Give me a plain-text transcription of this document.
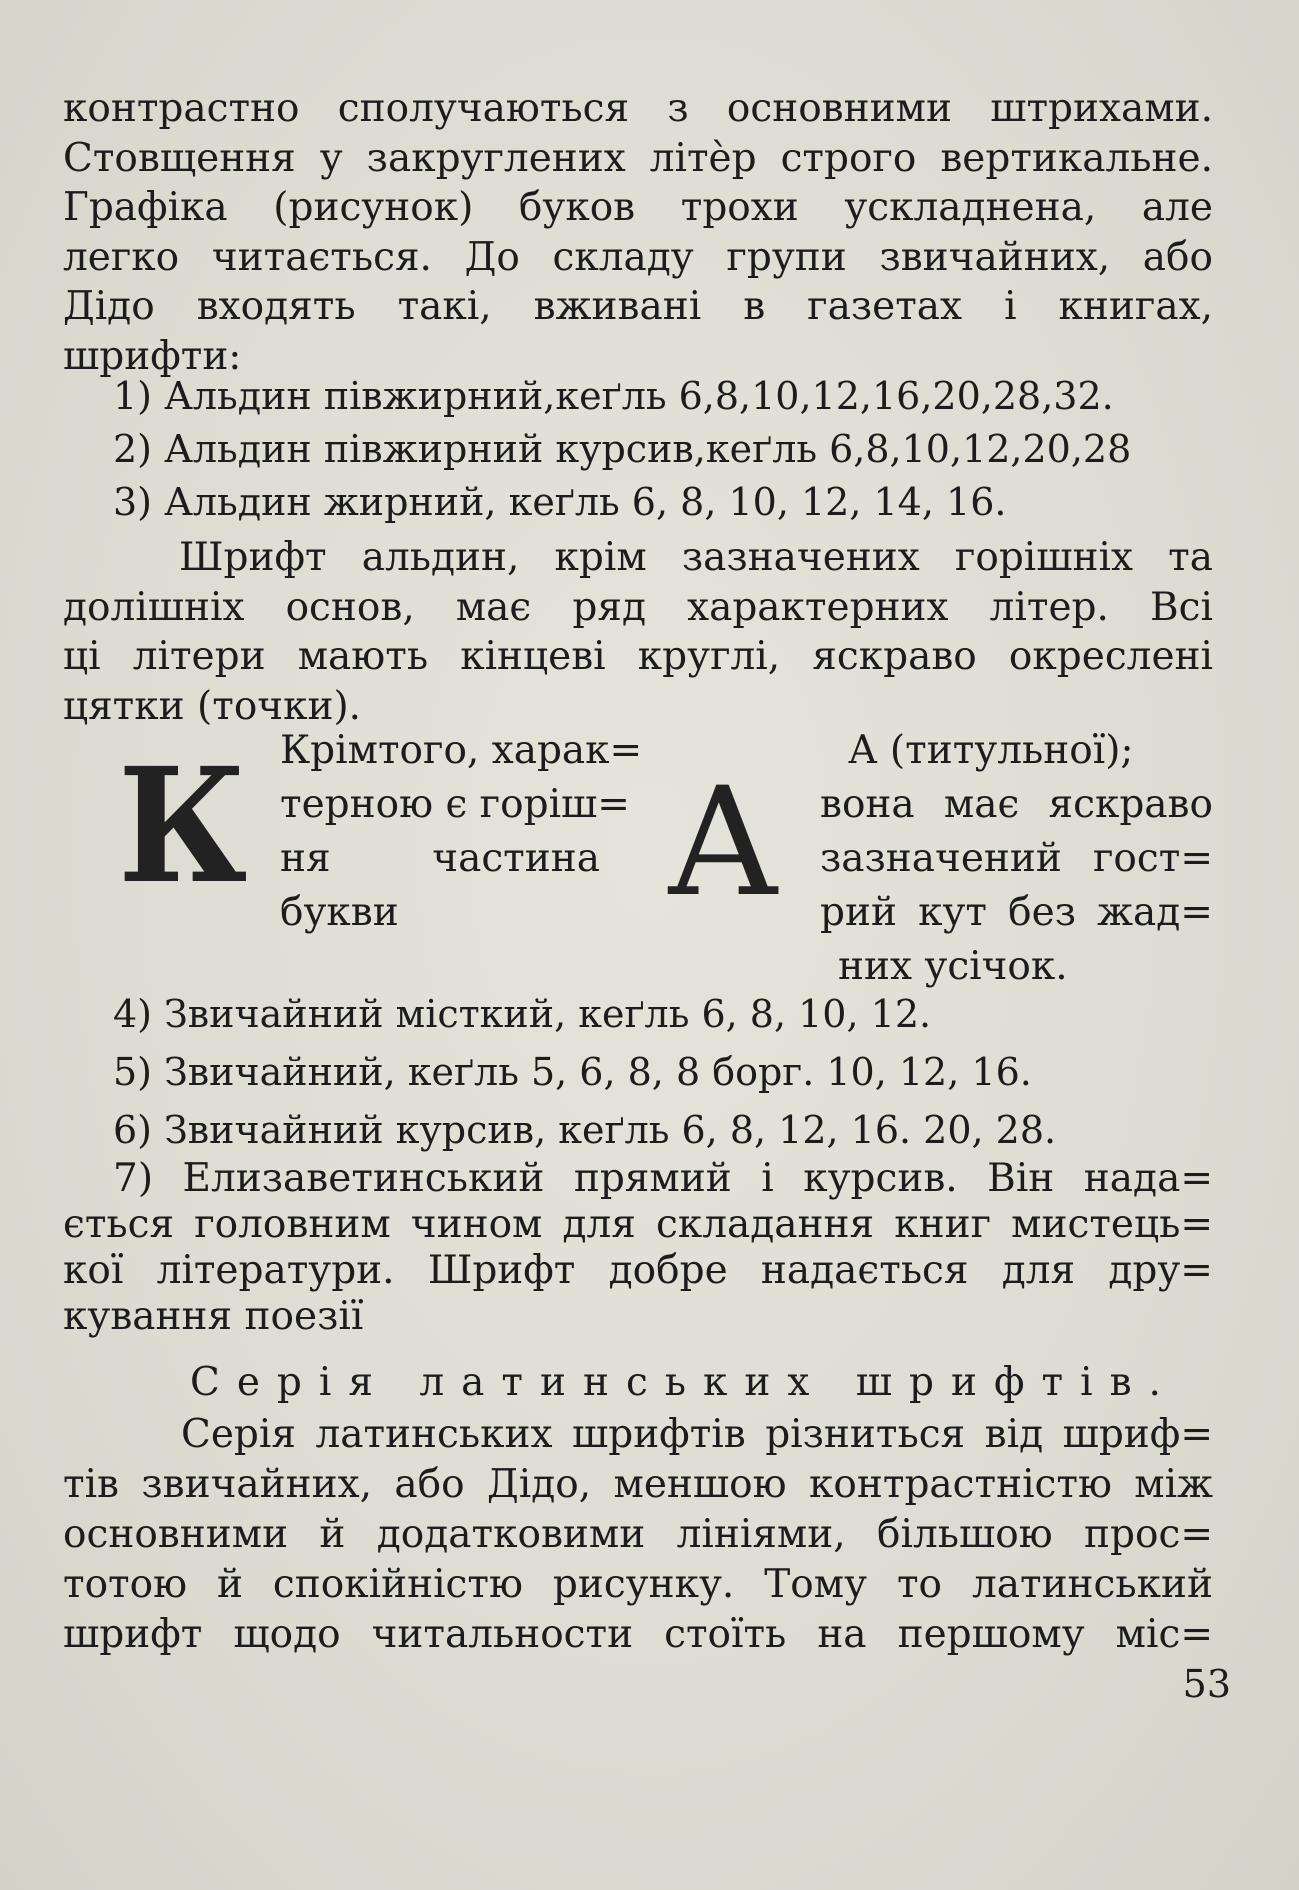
контрастно сполучаються з основними штрихами.
Стовщення у закруглених літèр строго вертикальне.
Графіка (рисунок) буков трохи ускладнена, але
легко читається. До складу групи звичайних, або
Дідо входять такі, вживані в газетах і книгах,
шрифти:
1) Альдин півжирний,кеґль 6,8,10,12,16,20,28,32.
2) Альдин півжирний курсив,кеґль 6,8,10,12,20,28
3) Альдин жирний, кеґль 6, 8, 10, 12, 14, 16.
Шрифт альдин, крім зазначених горішніх та
долішніх основ, має ряд характерних літер. Всі
ці літери мають кінцеві круглі, яскраво окреслені
цятки (точки).
К Крімтого, харак=
терною є горіш=
ня частина
букви	А
А (титульної);
вона має яскраво
зазначений гост=
рий кут без жад=
них усічок.
4) Звичайний місткий, кеґль 6, 8, 10, 12.
5) Звичайний, кеґль 5, 6, 8, 8 борг. 10, 12, 16.
6) Звичайний курсив, кеґль 6, 8, 12, 16. 20, 28.
7) Елизаветинський прямий і курсив. Він нада=
ється головним чином для складання книг мистець=
кої літератури. Шрифт добре надається для дру=
кування поезії
Серія латинських шрифтів.
Серія латинських шрифтів різниться від шриф=
тів звичайних, або Дідо, меншою контрастністю між
основними й додатковими лініями, більшою прос=
тотою й спокійністю рисунку. Тому то латинський
шрифт щодо читальности стоїть на першому міс=
53
